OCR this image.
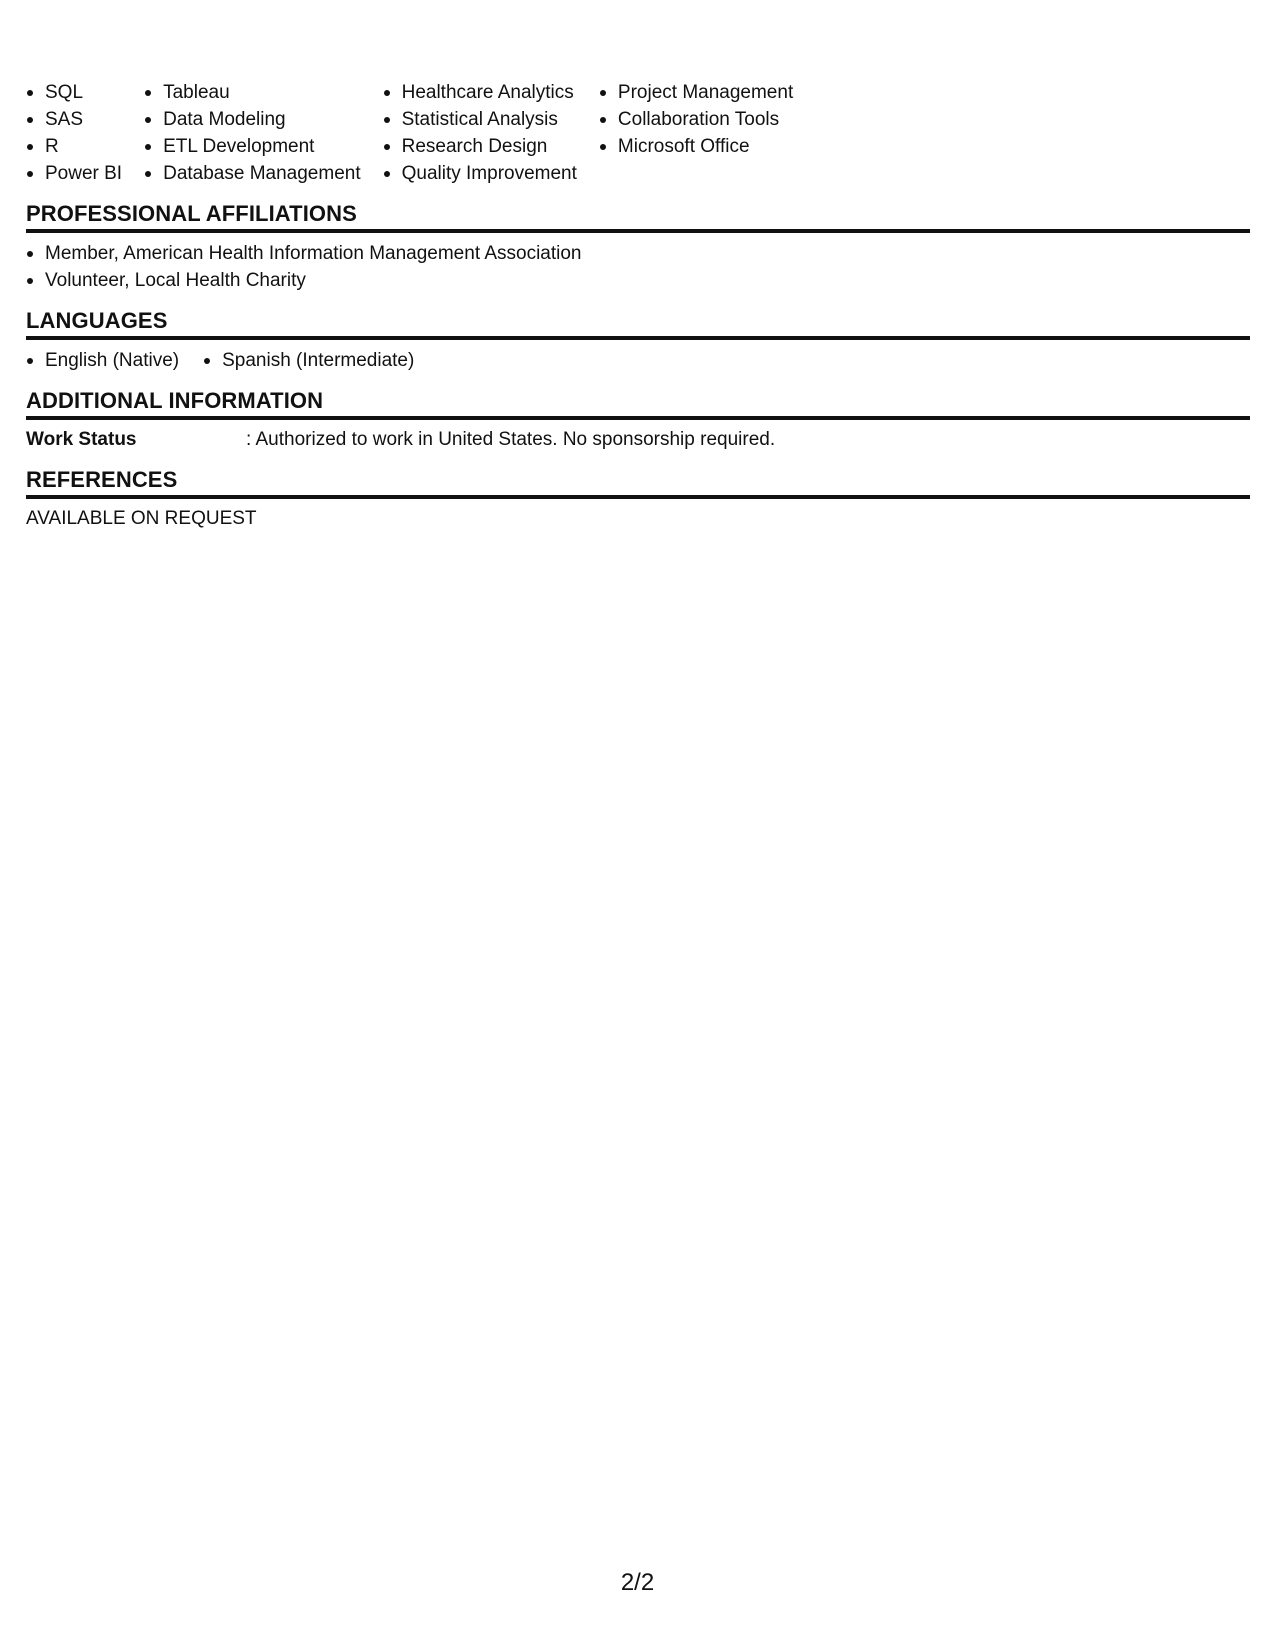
SQL
SAS
R
Power BI
Tableau
Data Modeling
ETL Development
Database Management
Healthcare Analytics
Statistical Analysis
Research Design
Quality Improvement
Project Management
Collaboration Tools
Microsoft Office
PROFESSIONAL AFFILIATIONS
Member, American Health Information Management Association
Volunteer, Local Health Charity
LANGUAGES
English (Native)	Spanish (Intermediate)
ADDITIONAL INFORMATION
Work Status	: Authorized to work in United States. No sponsorship required.
REFERENCES
AVAILABLE ON REQUEST
2/2
